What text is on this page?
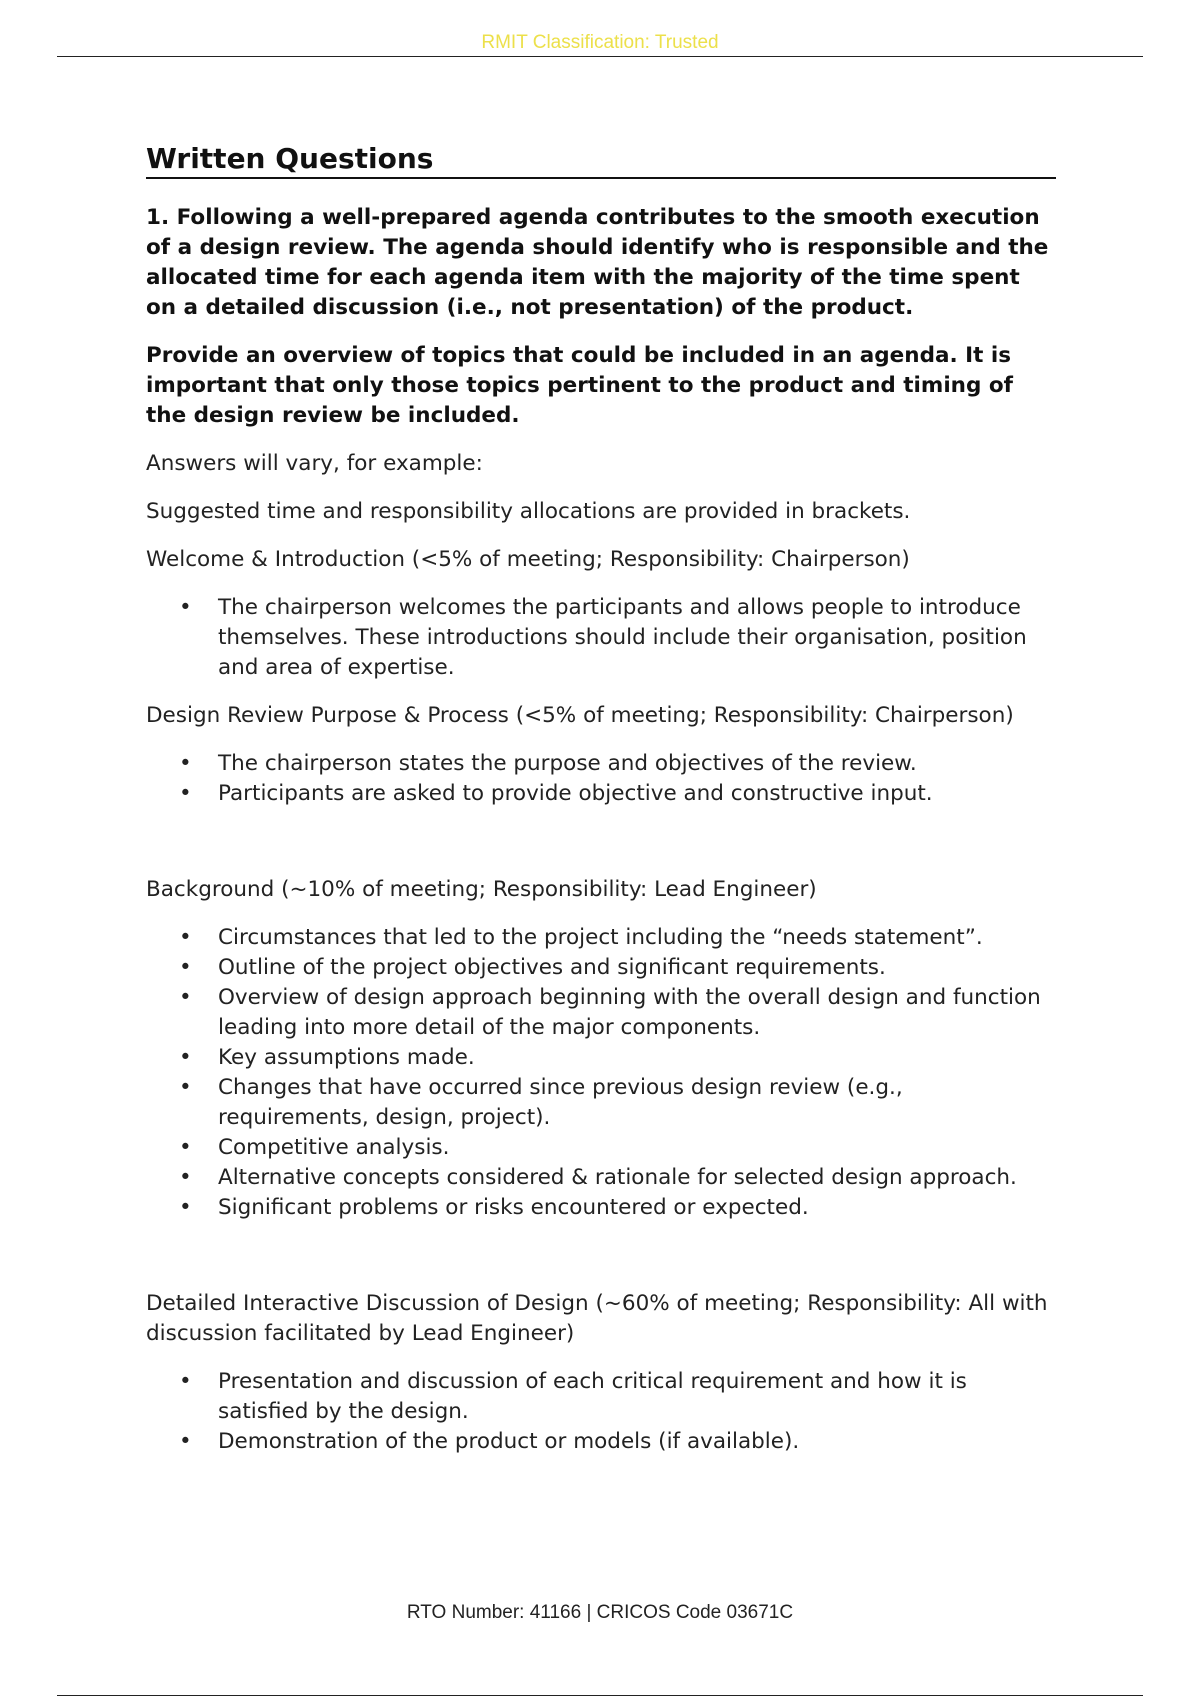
RMIT Classification: Trusted
Written Questions

1. Following a well-prepared agenda contributes to the smooth execution of a design review. The agenda should identify who is responsible and the allocated time for each agenda item with the majority of the time spent on a detailed discussion (i.e., not presentation) of the product.

Provide an overview of topics that could be included in an agenda. It is important that only those topics pertinent to the product and timing of the design review be included.

Answers will vary, for example:

Suggested time and responsibility allocations are provided in brackets.

Welcome & Introduction (<5% of meeting; Responsibility: Chairperson)

• The chairperson welcomes the participants and allows people to introduce themselves. These introductions should include their organisation, position and area of expertise.

Design Review Purpose & Process (<5% of meeting; Responsibility: Chairperson)

• The chairperson states the purpose and objectives of the review.
• Participants are asked to provide objective and constructive input.

Background (~10% of meeting; Responsibility: Lead Engineer)

• Circumstances that led to the project including the “needs statement”.
• Outline of the project objectives and significant requirements.
• Overview of design approach beginning with the overall design and function leading into more detail of the major components.
• Key assumptions made.
• Changes that have occurred since previous design review (e.g., requirements, design, project).
• Competitive analysis.
• Alternative concepts considered & rationale for selected design approach.
• Significant problems or risks encountered or expected.

Detailed Interactive Discussion of Design (~60% of meeting; Responsibility: All with discussion facilitated by Lead Engineer)

• Presentation and discussion of each critical requirement and how it is satisfied by the design.
• Demonstration of the product or models (if available).
RTO Number: 41166 | CRICOS Code 03671C
